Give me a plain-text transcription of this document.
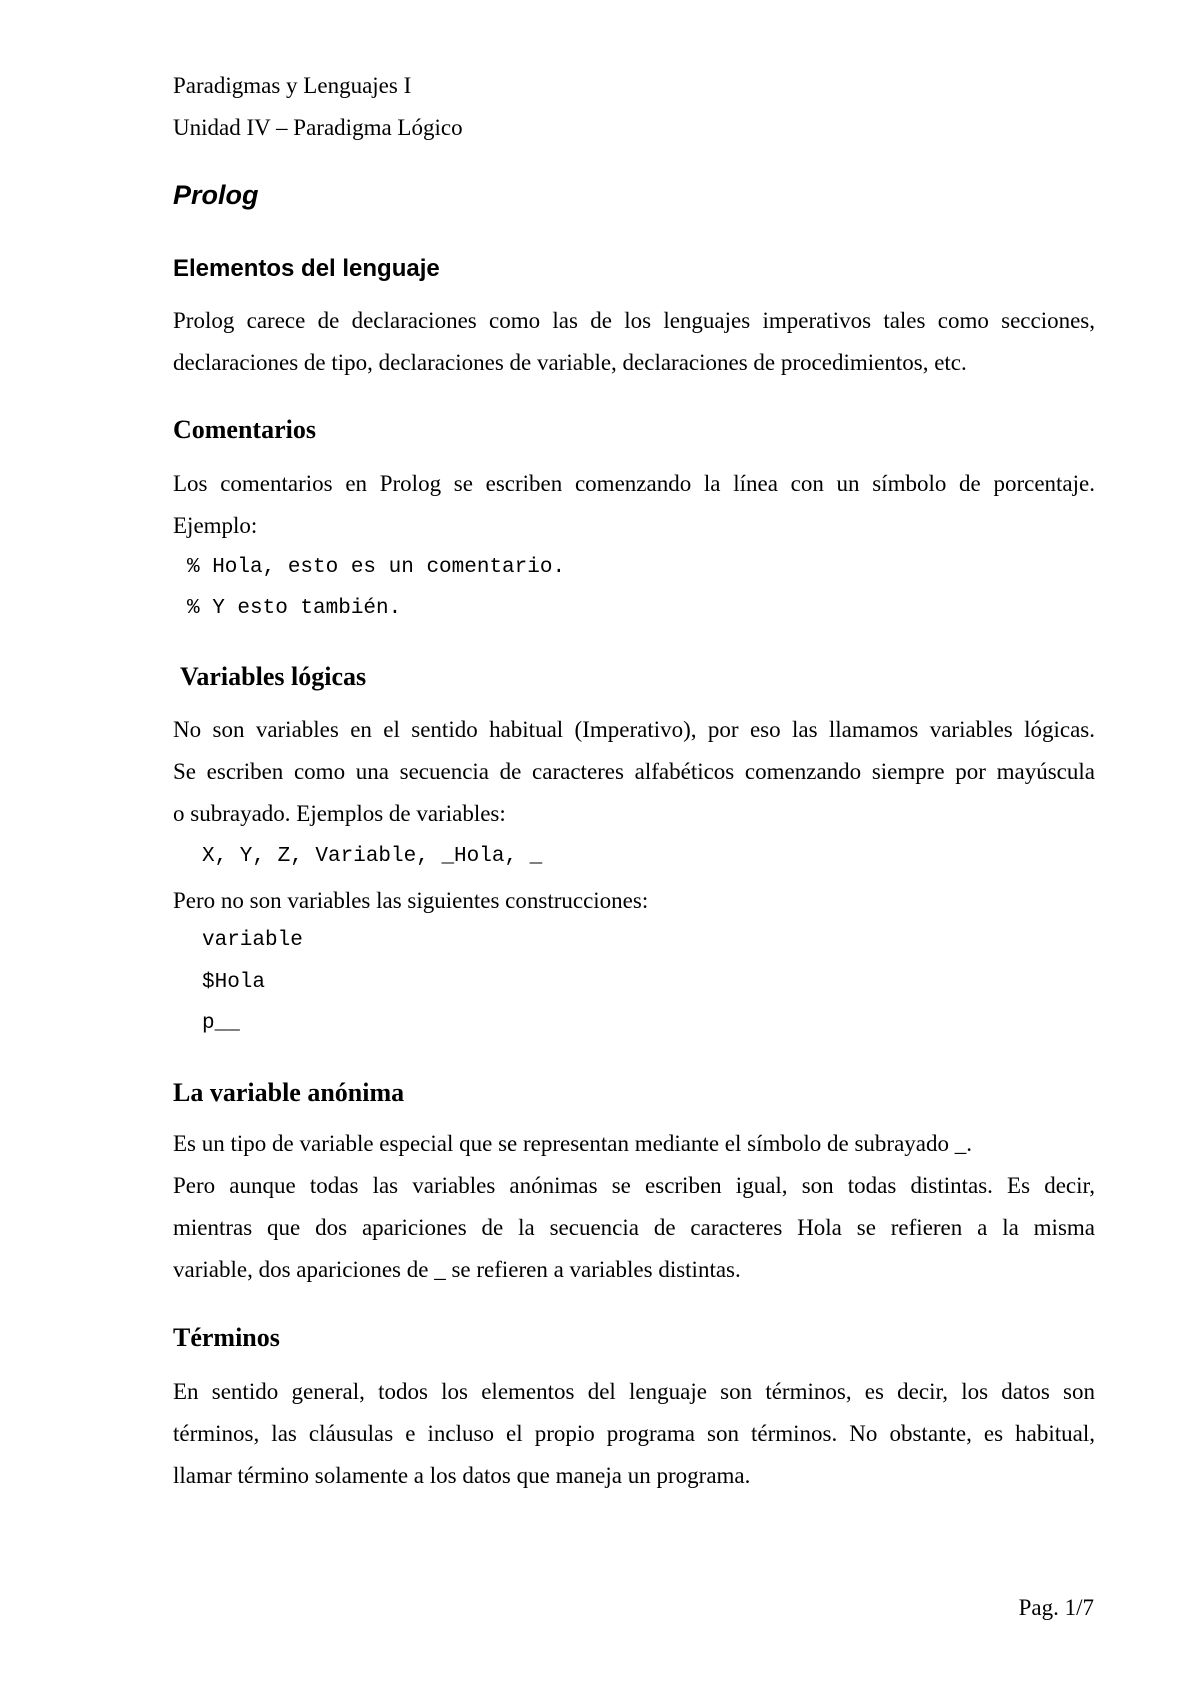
Paradigmas y Lenguajes I
Unidad IV – Paradigma Lógico
Prolog
Elementos del lenguaje
Prolog carece de declaraciones como las de los lenguajes imperativos tales como secciones,
declaraciones de tipo, declaraciones de variable, declaraciones de procedimientos, etc.
Comentarios
Los comentarios en Prolog se escriben comenzando la línea con un símbolo de porcentaje.
Ejemplo:
% Hola, esto es un comentario.
% Y esto también.
Variables lógicas
No son variables en el sentido habitual (Imperativo), por eso las llamamos variables lógicas.
Se escriben como una secuencia de caracteres alfabéticos comenzando siempre por mayúscula
o subrayado. Ejemplos de variables:
X, Y, Z, Variable, _Hola, _
Pero no son variables las siguientes construcciones:
variable
$Hola
p__
La variable anónima
Es un tipo de variable especial que se representan mediante el símbolo de subrayado _.
Pero aunque todas las variables anónimas se escriben igual, son todas distintas. Es decir,
mientras que dos apariciones de la secuencia de caracteres Hola se refieren a la misma
variable, dos apariciones de _ se refieren a variables distintas.
Términos
En sentido general, todos los elementos del lenguaje son términos, es decir, los datos son
términos, las cláusulas e incluso el propio programa son términos. No obstante, es habitual,
llamar término solamente a los datos que maneja un programa.
Pag. 1/7
